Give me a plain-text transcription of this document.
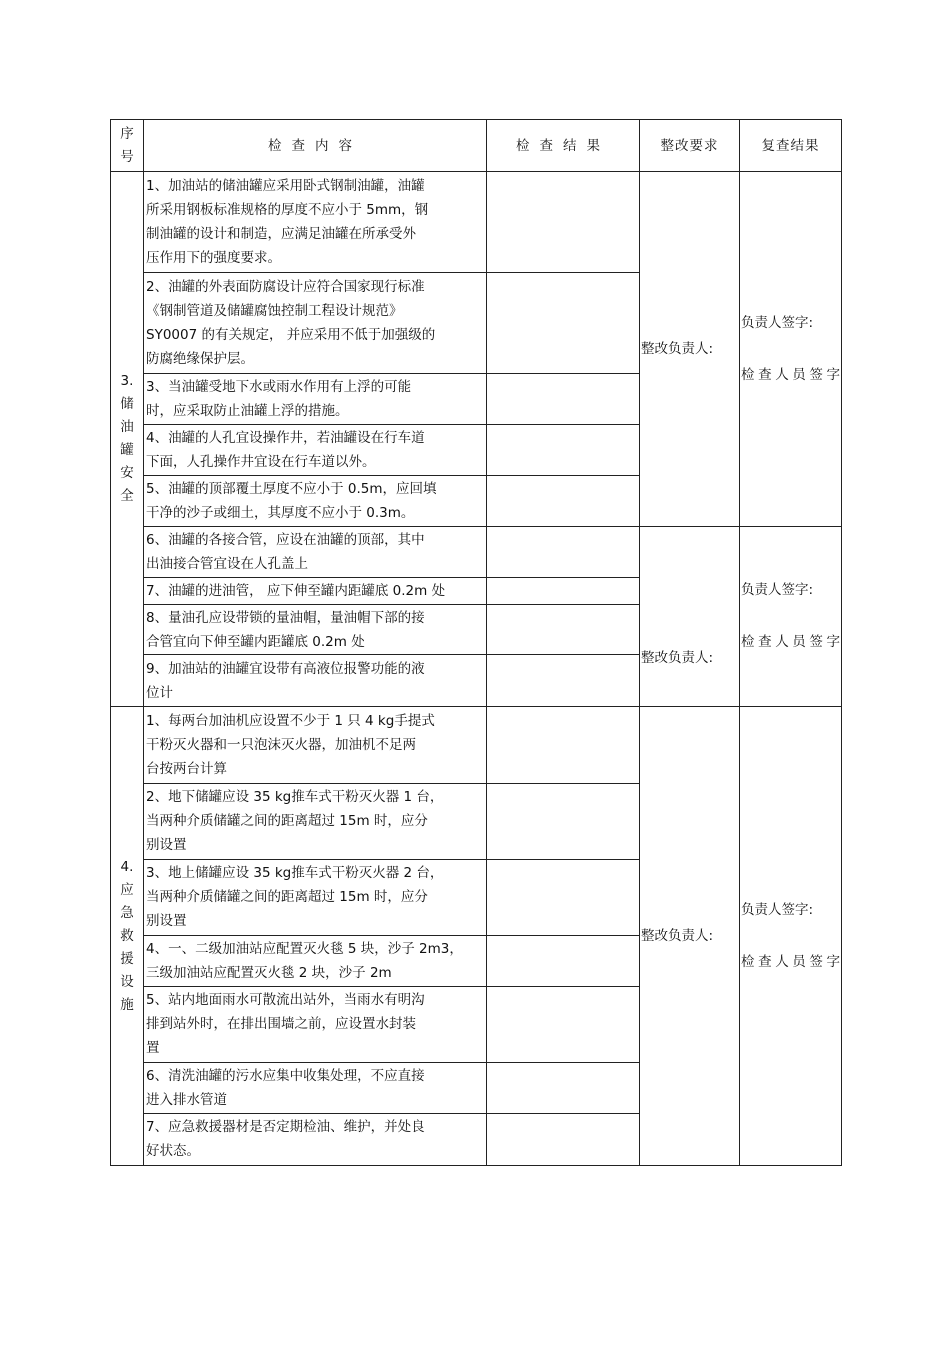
序号	检查内容	检查结果	整改要求	复查结果

3.
储油罐安全	1、加油站的储油罐应采用卧式钢制油罐，油罐
所采用钢板标准规格的厚度不应小于 5mm，钢
制油罐的设计和制造，应满足油罐在所承受外
压作用下的强度要求。		整改负责人:	负责人签字:
检查人员签字

	2、油罐的外表面防腐设计应符合国家现行标准
《钢制管道及储罐腐蚀控制工程设计规范》
SY0007 的有关规定， 并应采用不低于加强级的
防腐绝缘保护层。			
	3、当油罐受地下水或雨水作用有上浮的可能
时，应采取防止油罐上浮的措施。			
	4、油罐的人孔宜设操作井，若油罐设在行车道
下面，人孔操作井宜设在行车道以外。			
	5、油罐的顶部覆土厚度不应小于 0.5m，应回填
干净的沙子或细土，其厚度不应小于 0.3m。			
	6、油罐的各接合管，应设在油罐的顶部，其中
出油接合管宜设在人孔盖上		整改负责人:	负责人签字:
检查人员签字

	7、油罐的进油管， 应下伸至罐内距罐底 0.2m 处			
	8、量油孔应设带锁的量油帽，量油帽下部的接
合管宜向下伸至罐内距罐底 0.2m 处			
	9、加油站的油罐宜设带有高液位报警功能的液
位计			

4.
应急救援设施	1、每两台加油机应设置不少于 1 只 4 kg手提式
干粉灭火器和一只泡沫灭火器，加油机不足两
台按两台计算		整改负责人:	负责人签字:
检查人员签字

	2、地下储罐应设 35 kg推车式干粉灭火器 1 台，
当两种介质储罐之间的距离超过 15m 时，应分
别设置			
	3、地上储罐应设 35 kg推车式干粉灭火器 2 台，
当两种介质储罐之间的距离超过 15m 时，应分
别设置			
	4、一、二级加油站应配置灭火毯 5 块，沙子 2m3，
三级加油站应配置灭火毯 2 块，沙子 2m			
	5、站内地面雨水可散流出站外，当雨水有明沟
排到站外时，在排出围墙之前，应设置水封装
置			
	6、清洗油罐的污水应集中收集处理，不应直接
进入排水管道			
	7、应急救援器材是否定期检油、维护，并处良
好状态。			
